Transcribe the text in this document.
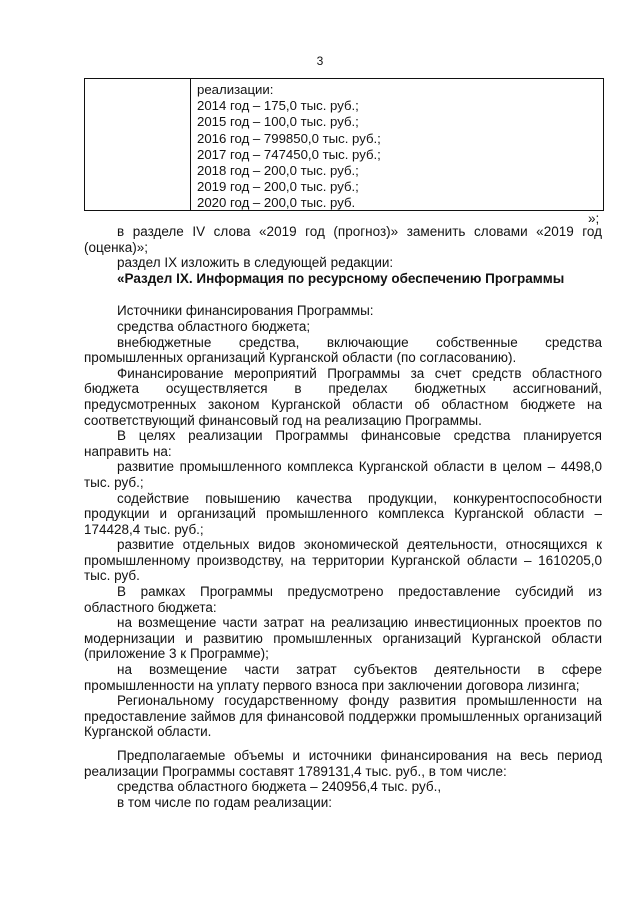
3
реализации:
2014 год – 175,0 тыс. руб.;
2015 год – 100,0 тыс. руб.;
2016 год – 799850,0 тыс. руб.;
2017 год – 747450,0 тыс. руб.;
2018 год – 200,0 тыс. руб.;
2019 год – 200,0 тыс. руб.;
2020 год – 200,0 тыс. руб.
»;

в разделе IV слова «2019 год (прогноз)» заменить словами «2019 год (оценка)»;

раздел IX изложить в следующей редакции:

«Раздел IX. Информация по ресурсному обеспечению Программы

Источники финансирования Программы:

средства областного бюджета;

внебюджетные средства, включающие собственные средства промышленных организаций Курганской области (по согласованию).

Финансирование мероприятий Программы за счет средств областного бюджета осуществляется в пределах бюджетных ассигнований, предусмотренных законом Курганской области об областном бюджете на соответствующий финансовый год на реализацию Программы.

В целях реализации Программы финансовые средства планируется направить на:

развитие промышленного комплекса Курганской области в целом – 4498,0 тыс. руб.;

содействие повышению качества продукции, конкурентоспособности продукции и организаций промышленного комплекса Курганской области – 174428,4 тыс. руб.;

развитие отдельных видов экономической деятельности, относящихся к промышленному производству, на территории Курганской области – 1610205,0 тыс. руб.

В рамках Программы предусмотрено предоставление субсидий из областного бюджета:

на возмещение части затрат на реализацию инвестиционных проектов по модернизации и развитию промышленных организаций Курганской области (приложение 3 к Программе);

на возмещение части затрат субъектов деятельности в сфере промышленности на уплату первого взноса при заключении договора лизинга;

Региональному государственному фонду развития промышленности на предоставление займов для финансовой поддержки промышленных организаций Курганской области.

Предполагаемые объемы и источники финансирования на весь период реализации Программы составят 1789131,4 тыс. руб., в том числе:

средства областного бюджета – 240956,4 тыс. руб.,

в том числе по годам реализации:
